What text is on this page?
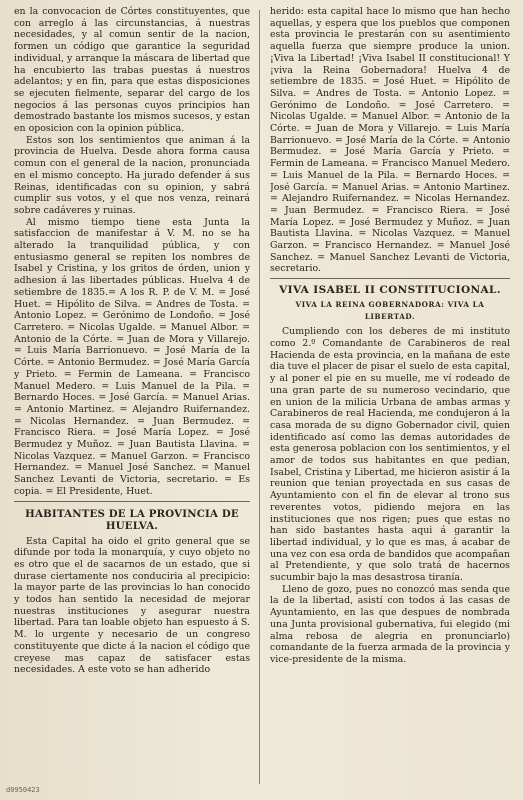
en la convocacion de Córtes constituyentes, que con arreglo á las circunstancias, á nuestras necesidades, y al comun sentir de la nacion, formen un código que garantice la seguridad individual, y arranque la máscara de libertad que ha encubierto las trabas puestas á nuestros adelantos; y en fin, para que estas disposiciones se ejecuten fielmente, separar del cargo de los negocios á las personas cuyos principios han demostrado bastante los mismos sucesos, y estan en oposicion con la opinion pública.

Estos son los sentimientos que animan á la provincia de Huelva. Desde ahora forma causa comun con el general de la nacion, pronunciada en el mismo concepto. Ha jurado defender á sus Reinas, identificadas con su opinion, y sabrá cumplir sus votos, y el que nos venza, reinará sobre cadáveres y ruinas.

Al mismo tiempo tiene esta Junta la satisfaccion de manifestar á V. M. no se ha alterado la tranquilidad pública, y con entusiasmo general se repiten los nombres de Isabel y Cristina, y los gritos de órden, union y adhesion á las libertades públicas. Huelva 4 de setiembre de 1835.= A los R. P. de V. M. = José Huet. = Hipólito de Silva. = Andres de Tosta. = Antonio Lopez. = Gerónimo de Londoño. = José Carretero. = Nicolas Ugalde. = Manuel Albor. = Antonio de la Córte. = Juan de Mora y Villarejo. = Luis María Barrionuevo. = José María de la Córte. = Antonio Bermudez. = José María García y Prieto. = Fermin de Lameana. = Francisco Manuel Medero. = Luis Manuel de la Pila. = Bernardo Hoces. = José García. = Manuel Arias. = Antonio Martinez. = Alejandro Ruifernandez. = Nicolas Hernandez. = Juan Bermudez. = Francisco Riera. = José María Lopez. = José Bermudez y Muñoz. = Juan Bautista Llavina. = Nicolas Vazquez. = Manuel Garzon. = Francisco Hernandez. = Manuel José Sanchez. = Manuel Sanchez Levanti de Victoria, secretario. = Es copia. = El Presidente, Huet.

HABITANTES DE LA PROVINCIA DE HUELVA.

Esta Capital ha oido el grito general que se difunde por toda la monarquía, y cuyo objeto no es otro que el de sacarnos de un estado, que si durase ciertamente nos conduciria al precipicio: la mayor parte de las provincias lo han conocido y todos han sentido la necesidad de mejorar nuestras instituciones y asegurar nuestra libertad. Para tan loable objeto han espuesto á S. M. lo urgente y necesario de un congreso constituyente que dicte á la nacion el código que creyese mas capaz de satisfacer estas necesidades. A este voto se han adherido

herido: esta capital hace lo mismo que han hecho aquellas, y espera que los pueblos que componen esta provincia le prestarán con su asentimiento aquella fuerza que siempre produce la union. ¡Viva la Libertad! ¡Viva Isabel II constitucional! Y ¡viva la Reina Gobernadora! Huelva 4 de setiembre de 1835. = José Huet. = Hipólito de Silva. = Andres de Tosta. = Antonio Lopez. = Gerónimo de Londoño. = José Carretero. = Nicolas Ugalde. = Manuel Albor. = Antonio de la Córte. = Juan de Mora y Villarejo. = Luis María Barrionuevo. = José María de la Córte. = Antonio Bermudez. = José María García y Prieto. = Fermin de Lameana. = Francisco Manuel Medero. = Luis Manuel de la Pila. = Bernardo Hoces. = José García. = Manuel Arias. = Antonio Martinez. = Alejandro Ruifernandez. = Nicolas Hernandez. = Juan Bermudez. = Francisco Riera. = José María Lopez. = José Bermudez y Muñoz. = Juan Bautista Llavina. = Nicolas Vazquez. = Manuel Garzon. = Francisco Hernandez. = Manuel José Sanchez. = Manuel Sanchez Levanti de Victoria, secretario.

VIVA ISABEL II CONSTITUCIONAL.
VIVA LA REINA GOBERNADORA: VIVA LA LIBERTAD.

Cumpliendo con los deberes de mi instituto como 2.º Comandante de Carabineros de real Hacienda de esta provincia, en la mañana de este dia tuve el placer de pisar el suelo de esta capital, y al poner el pie en su muelle, me ví rodeado de una gran parte de su numeroso vecindario, que en union de la milicia Urbana de ambas armas y Carabineros de real Hacienda, me condujeron á la casa morada de su digno Gobernador civil, quien identificado así como las demas autoridades de esta generosa poblacion con los sentimientos, y el amor de todos sus habitantes en que pedian, Isabel, Cristina y Libertad, me hicieron asistir á la reunion que tenian proyectada en sus casas de Ayuntamiento con el fin de elevar al trono sus reverentes votos, pidiendo mejora en las instituciones que nos rigen; pues que estas no han sido bastantes hasta aqui á garantir la libertad individual, y lo que es mas, á acabar de una vez con esa orda de bandidos que acompañan al Pretendiente, y que solo tratá de hacernos sucumbir bajo la mas desastrosa tiranía.

Lleno de gozo, pues no conozcó mas senda que la de la libertad, asistí con todos á las casas de Ayuntamiento, en las que despues de nombrada una Junta provisional gubernativa, fui elegido (mi alma rebosa de alegria en pronunciarlo) comandante de la fuerza armada de la provincia y vice-presidente de la misma.

d0950423
